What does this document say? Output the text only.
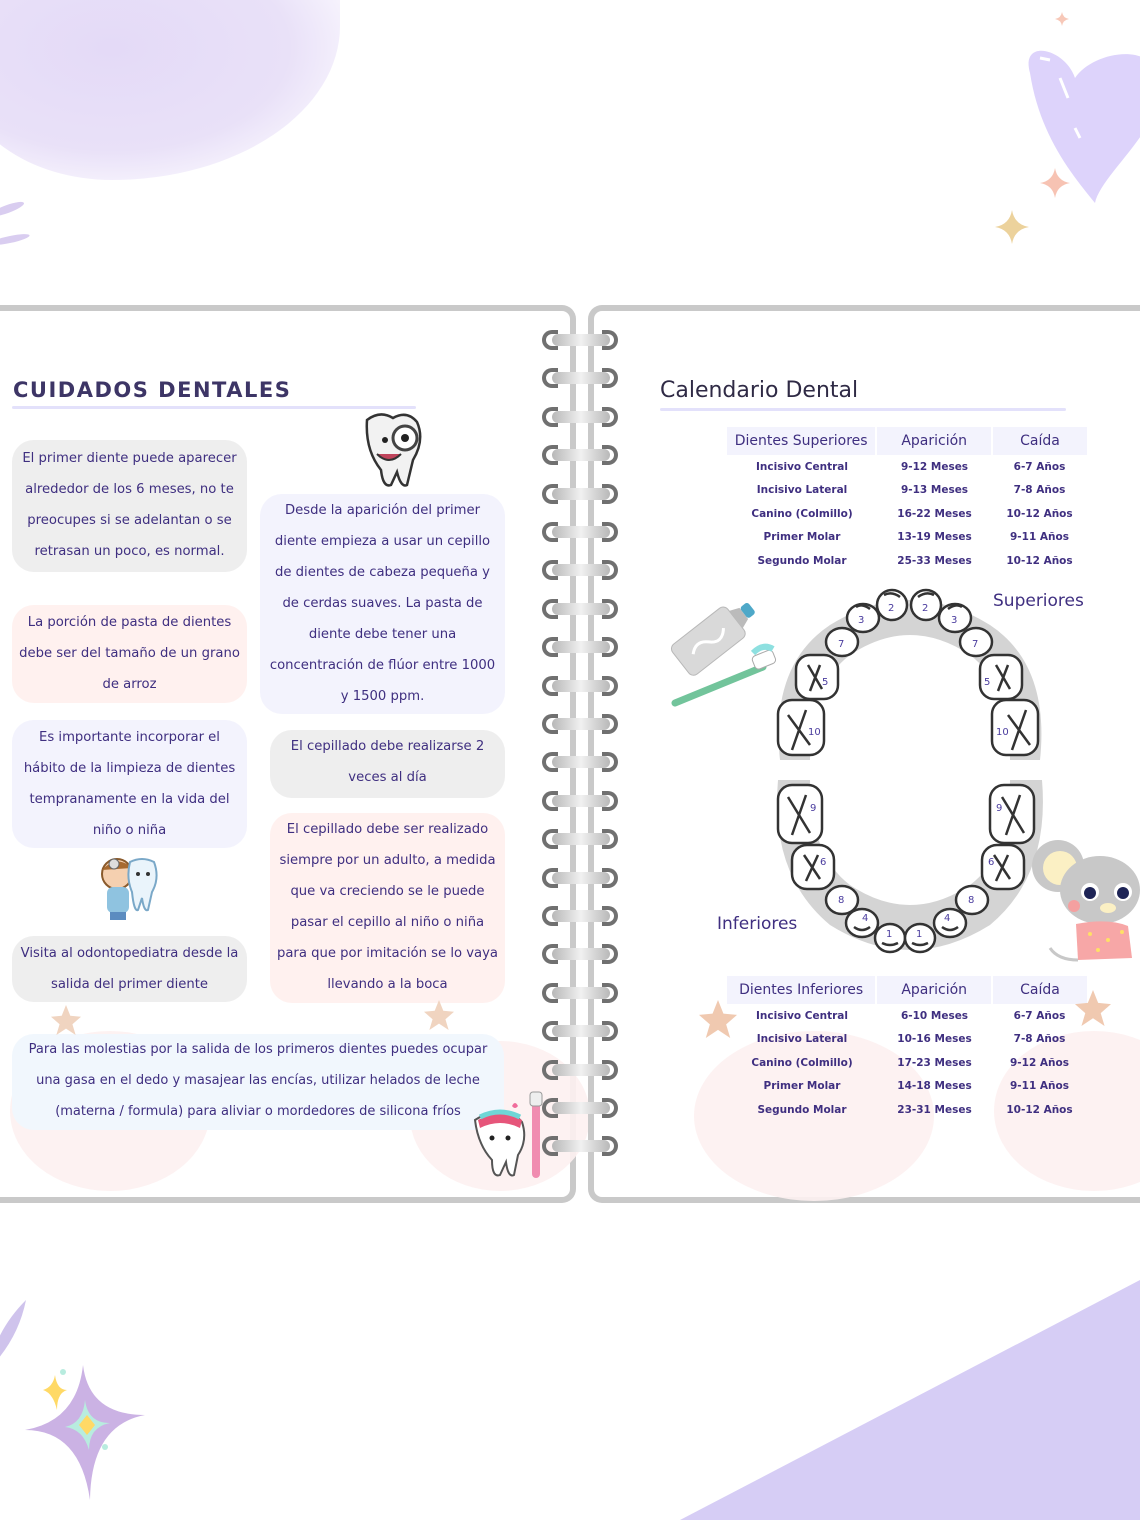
CUIDADOS DENTALES
El primer diente puede aparecer alrededor de los 6 meses, no te preocupes si se adelantan o se retrasan un poco, es normal.
La porción de pasta de dientes debe ser del tamaño de un grano de arroz
Es importante incorporar el hábito de la limpieza de dientes tempranamente en la vida del niño o niña
Visita al odontopediatra desde la salida del primer diente
Desde la aparición del primer diente empieza a usar un cepillo de dientes de cabeza pequeña y de cerdas suaves. La pasta de diente debe tener una concentración de flúor entre 1000 y 1500 ppm.
El cepillado debe realizarse 2 veces al día
El cepillado debe ser realizado siempre por un adulto, a medida que va creciendo se le puede pasar el cepillo al niño o niña para que por imitación se lo vaya llevando a la boca
Para las molestias por la salida de los primeros dientes puedes ocupar una gasa en el dedo y masajear las encías, utilizar helados de leche (materna / formula) para aliviar o mordedores de silicona fríos
Calendario Dental
Dientes Superiores	Aparición	Caída
Incisivo Central	9-12 Meses	6-7 Años
Incisivo Lateral	9-13 Meses	7-8 Años
Canino (Colmillo)	16-22 Meses	10-12 Años
Primer Molar	13-19 Meses	9-11 Años
Segundo Molar	25-33 Meses	10-12 Años
10
5
7
3
2	2
3
7
5
10
Superiores
9
6
8
4
1 1
4
8
6
9
Inferiores
Dientes Inferiores	Aparición	Caída
Incisivo Central	6-10 Meses	6-7 Años
Incisivo Lateral	10-16 Meses	7-8 Años
Canino (Colmillo)	17-23 Meses	9-12 Años
Primer Molar	14-18 Meses	9-11 Años
Segundo Molar	23-31 Meses	10-12 Años
